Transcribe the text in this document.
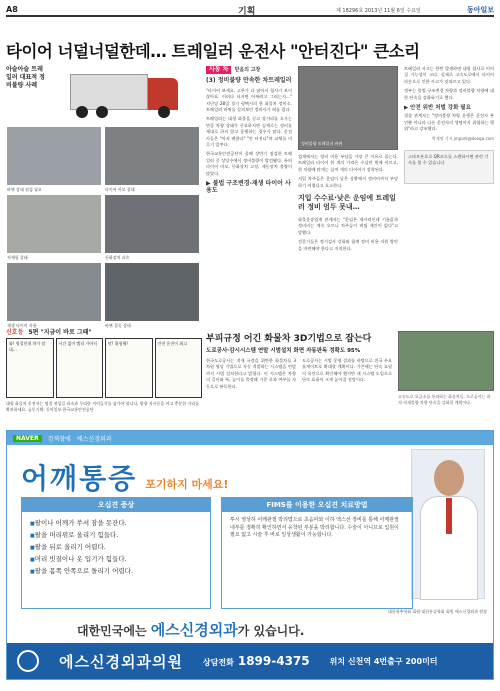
A8	기획	제 18296호 2013년 11월 6일 수요일	동아일보
타이어 너덜너덜한데… 트레일러 운전사 "안터진다" 큰소리
아슬아슬 트레일러 대표적 정비불량 사례
바퀴 상태 점검 필요	타이어 마모 상태
적재함 상태	등화장치 파손
재생 타이어 사용	바퀴 결속 상태
사동 차	믿음의 고장
(3) 정비불량 만속한 차트레일러

"타이어 보세요. 고무가 다 닳아서 철사가 보이잖아요. 이러다 터지면 어쩌려고 그러는지…" 지난달 28일 경기 평택시의 한 화물차 정비소. 트레일러 바퀴를 살펴보던 정비사가 혀를 찼다.

트레일러는 대형 화물을 싣고 장거리를 오가는 만큼 차량 상태가 중요하지만 실제로는 정비를 제대로 하지 않고 운행하는 경우가 많다. 운전사들은 "아직 괜찮다" "안 터진다"며 교체를 미루기 일쑤다.

한국교통안전공단이 올해 상반기 점검한 트레일러 중 상당수에서 정비불량이 발견됐다. 특히 타이어 마모, 등화장치 고장, 제동장치 불량이 많았다.

▶ 불법 구조변경·재생 타이어 사용도
정비불량 트레일러 바퀴

업계에서는 정비 비용 부담을 가장 큰 이유로 꼽는다. 트레일러 타이어 한 개의 가격은 수십만 원에 이르고, 한 차량에 많게는 십여 개의 타이어가 장착된다.

지입 차주들은 운임이 낮은 상황에서 정비비까지 부담하기 어렵다고 호소한다.

지입 수수료·낮은 운임에 트레일러 정비 엄두 못내…

화물운송업계 관계자는 "운임은 제자리인데 기름값과 정비비는 계속 오르니 차주들이 버틸 재간이 없다"고 말했다.

전문가들은 정기검사 강화와 함께 정비 비용 지원 방안을 마련해야 한다고 지적한다.

트레일러 사고는 한번 발생하면 대형 참사로 이어질 가능성이 크다. 실제로 고속도로에서 타이어 파손으로 인한 사고가 잇따르고 있다.

정부는 불법 구조변경 차량과 정비불량 차량에 대한 단속을 강화하기로 했다.

▶ 안전 위반 처벌 강화 필요

경찰 관계자는 "정비불량 차량 운행은 운전자 본인뿐 아니라 다른 운전자의 생명까지 위협하는 행위"라고 강조했다.

박재명 기자 jmpark@donga.com
스마트폰으로 QR코드를 스캔하시면 관련 기사를 볼 수 있습니다
신호등 5편 "지금이 바로 그때"
와! 명절인데 차가 많네…
시간 없어 빨리 가야지	앗! 위험해!	안전 운전이 최고
대형 화물차 운전자는 명절 귀성길 과속과 무리한 끼어들기를 삼가야 합니다. 방향 지시등을 켜고 충분한 거리를 확보하세요. 공동기획: 동아일보·한국교통안전공단
부피규정 어긴 화물차 3D기법으로 잡는다
도로공사·감시시스템 연말 시범설치 화면 자동판독 정확도 95%
한국도로공사는 적재 규정을 위반한 화물차를 3차원 영상 기법으로 자동 적발하는 시스템을 연말까지 시범 설치한다고 밝혔다. 이 시스템은 차량의 길이와 폭, 높이를 측정해 기준 초과 여부를 자동으로 판독한다.
도로공사는 시범 운영 결과를 바탕으로 전국 주요 톨게이트로 확대할 계획이다. 기존에는 단속 요원이 육안으로 확인해야 했지만 새 시스템 도입으로 단속 효율이 크게 높아질 전망이다.
고속도로 요금소를 통과하는 화물차들. 도로공사는 과적·적재불량 차량 단속을 강화할 계획이다.
NAVER	검색창에 에스신경외과
어깨통증 포기하지 마세요!
오십견 증상
■ 팔이나 어깨가 쑤셔 잠을 못잔다.
■ 팔을 머리위로 올리기 힘들다.
■ 팔을 뒤로 올리기 어렵다.
■ 머리 빗질이나 옷 입기가 힘들다.
■ 팔을 몸쪽 안쪽으로 돌리기 어렵다.
FIMS를 이용한 오십견 치료방법
투시 영상하 어깨관절 박리법으로 초음파와 이하 엑스선 장비를 통해 어깨관절 내부를 정확히 확인하면서 유착된 부분을 박리합니다. 수술이 아니므로 입원이 필요 없고 시술 후 바로 일상생활이 가능합니다.
대한민국에는 에스신경외과가 있습니다.
대한척추학회 회원·대한통증학회 회원 에스신경외과 원장
에스신경외과의원	상담전화 1899-4375	위치 신천역 4번출구 200미터
